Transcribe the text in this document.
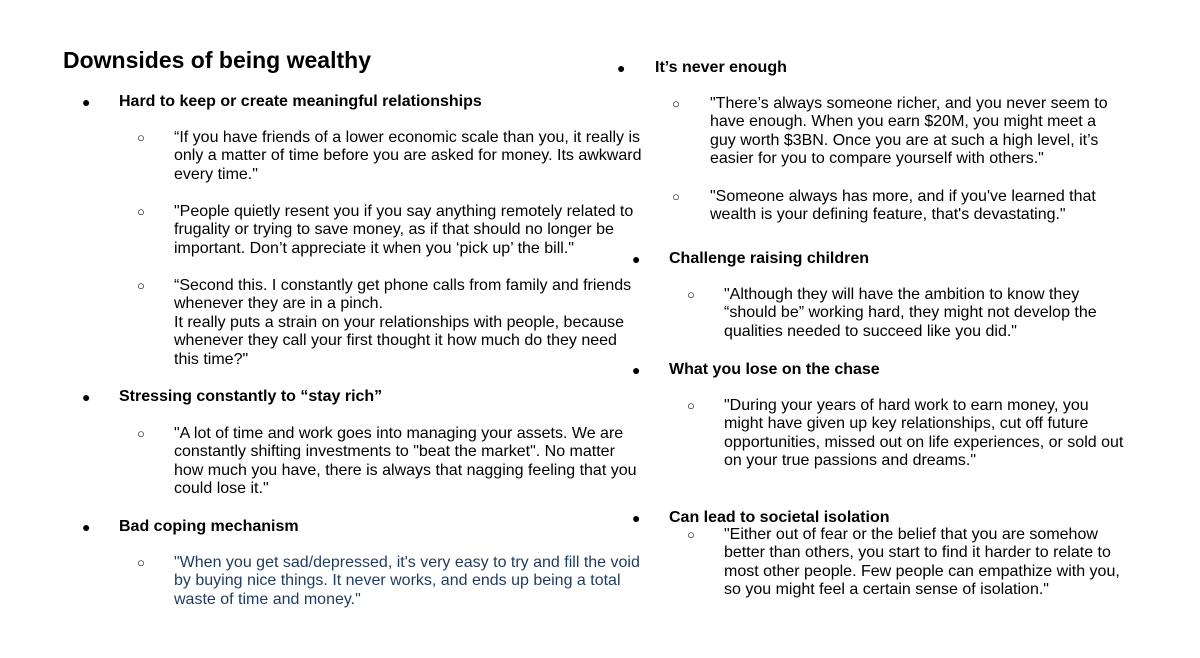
Downsides of being wealthy
● Hard to keep or create meaningful relationships
○ “If you have friends of a lower economic scale than you, it really is
only a matter of time before you are asked for money. Its awkward
every time."
○ "People quietly resent you if you say anything remotely related to
frugality or trying to save money, as if that should no longer be
important. Don’t appreciate it when you ‘pick up’ the bill."
○ “Second this. I constantly get phone calls from family and friends
whenever they are in a pinch.
It really puts a strain on your relationships with people, because
whenever they call your first thought it how much do they need
this time?"
● Stressing constantly to “stay rich”
○ "A lot of time and work goes into managing your assets. We are
constantly shifting investments to "beat the market". No matter
how much you have, there is always that nagging feeling that you
could lose it."
● Bad coping mechanism
○ "When you get sad/depressed, it's very easy to try and fill the void
by buying nice things. It never works, and ends up being a total
waste of time and money."
● It’s never enough
○ "There’s always someone richer, and you never seem to
have enough. When you earn $20M, you might meet a
guy worth $3BN. Once you are at such a high level, it’s
easier for you to compare yourself with others."
○ "Someone always has more, and if you've learned that
wealth is your defining feature, that's devastating."
● Challenge raising children
○ "Although they will have the ambition to know they
“should be” working hard, they might not develop the
qualities needed to succeed like you did."
● What you lose on the chase
○ "During your years of hard work to earn money, you
might have given up key relationships, cut off future
opportunities, missed out on life experiences, or sold out
on your true passions and dreams."
● Can lead to societal isolation
○ "Either out of fear or the belief that you are somehow
better than others, you start to find it harder to relate to
most other people. Few people can empathize with you,
so you might feel a certain sense of isolation."
